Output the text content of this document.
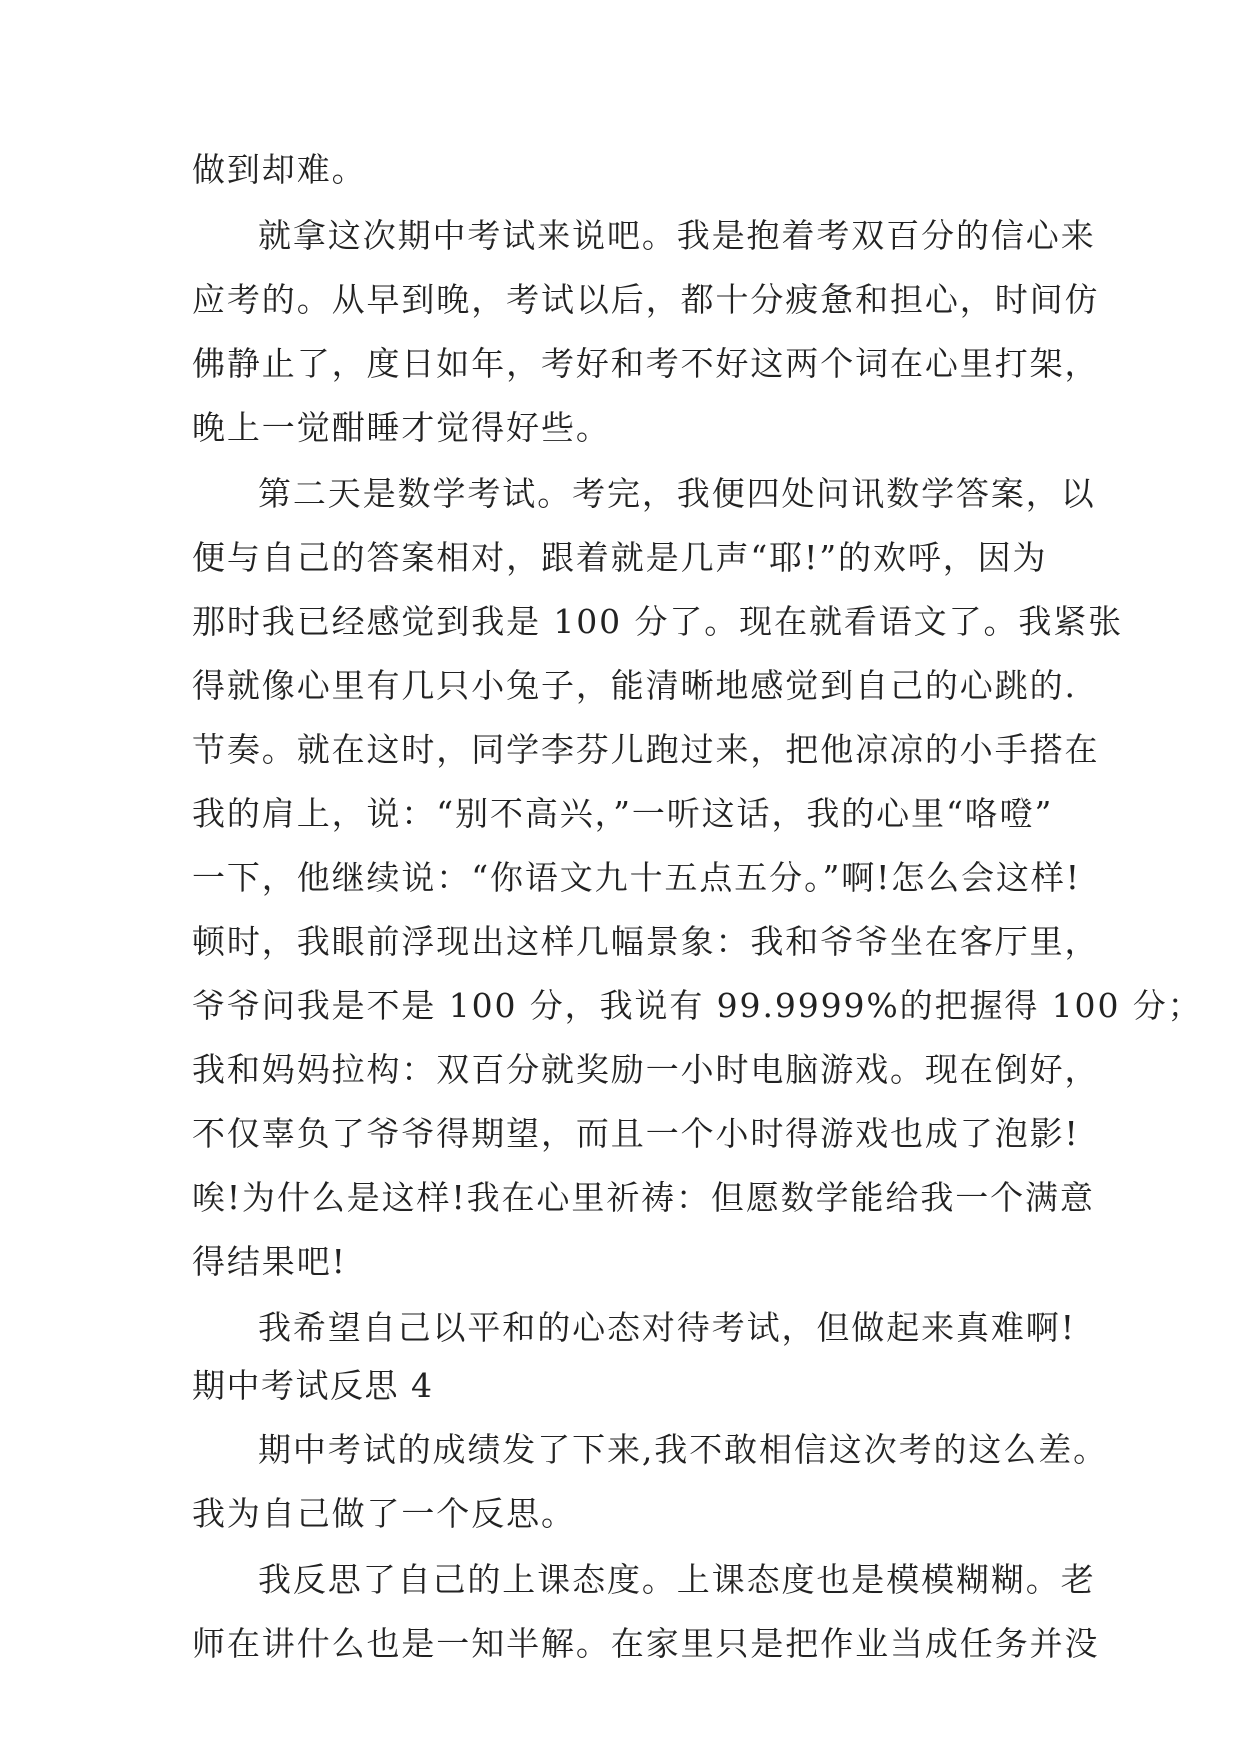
做到却难。
就拿这次期中考试来说吧。我是抱着考双百分的信心来
应考的。从早到晚，考试以后，都十分疲惫和担心，时间仿
佛静止了，度日如年，考好和考不好这两个词在心里打架，
晚上一觉酣睡才觉得好些。
第二天是数学考试。考完，我便四处问讯数学答案，以
便与自己的答案相对，跟着就是几声“耶!”的欢呼，因为
那时我已经感觉到我是 100 分了。现在就看语文了。我紧张
得就像心里有几只小兔子，能清晰地感觉到自己的心跳的.
节奏。就在这时，同学李芬儿跑过来，把他凉凉的小手搭在
我的肩上，说：“别不高兴，”一听这话，我的心里“咯噔”
一下，他继续说：“你语文九十五点五分。”啊!怎么会这样!
顿时，我眼前浮现出这样几幅景象：我和爷爷坐在客厅里，
爷爷问我是不是 100 分，我说有 99.9999%的把握得 100 分；
我和妈妈拉构：双百分就奖励一小时电脑游戏。现在倒好，
不仅辜负了爷爷得期望，而且一个小时得游戏也成了泡影!
唉!为什么是这样!我在心里祈祷：但愿数学能给我一个满意
得结果吧!
我希望自己以平和的心态对待考试，但做起来真难啊!
期中考试反思 4
期中考试的成绩发了下来,我不敢相信这次考的这么差。
我为自己做了一个反思。
我反思了自己的上课态度。上课态度也是模模糊糊。老
师在讲什么也是一知半解。在家里只是把作业当成任务并没
